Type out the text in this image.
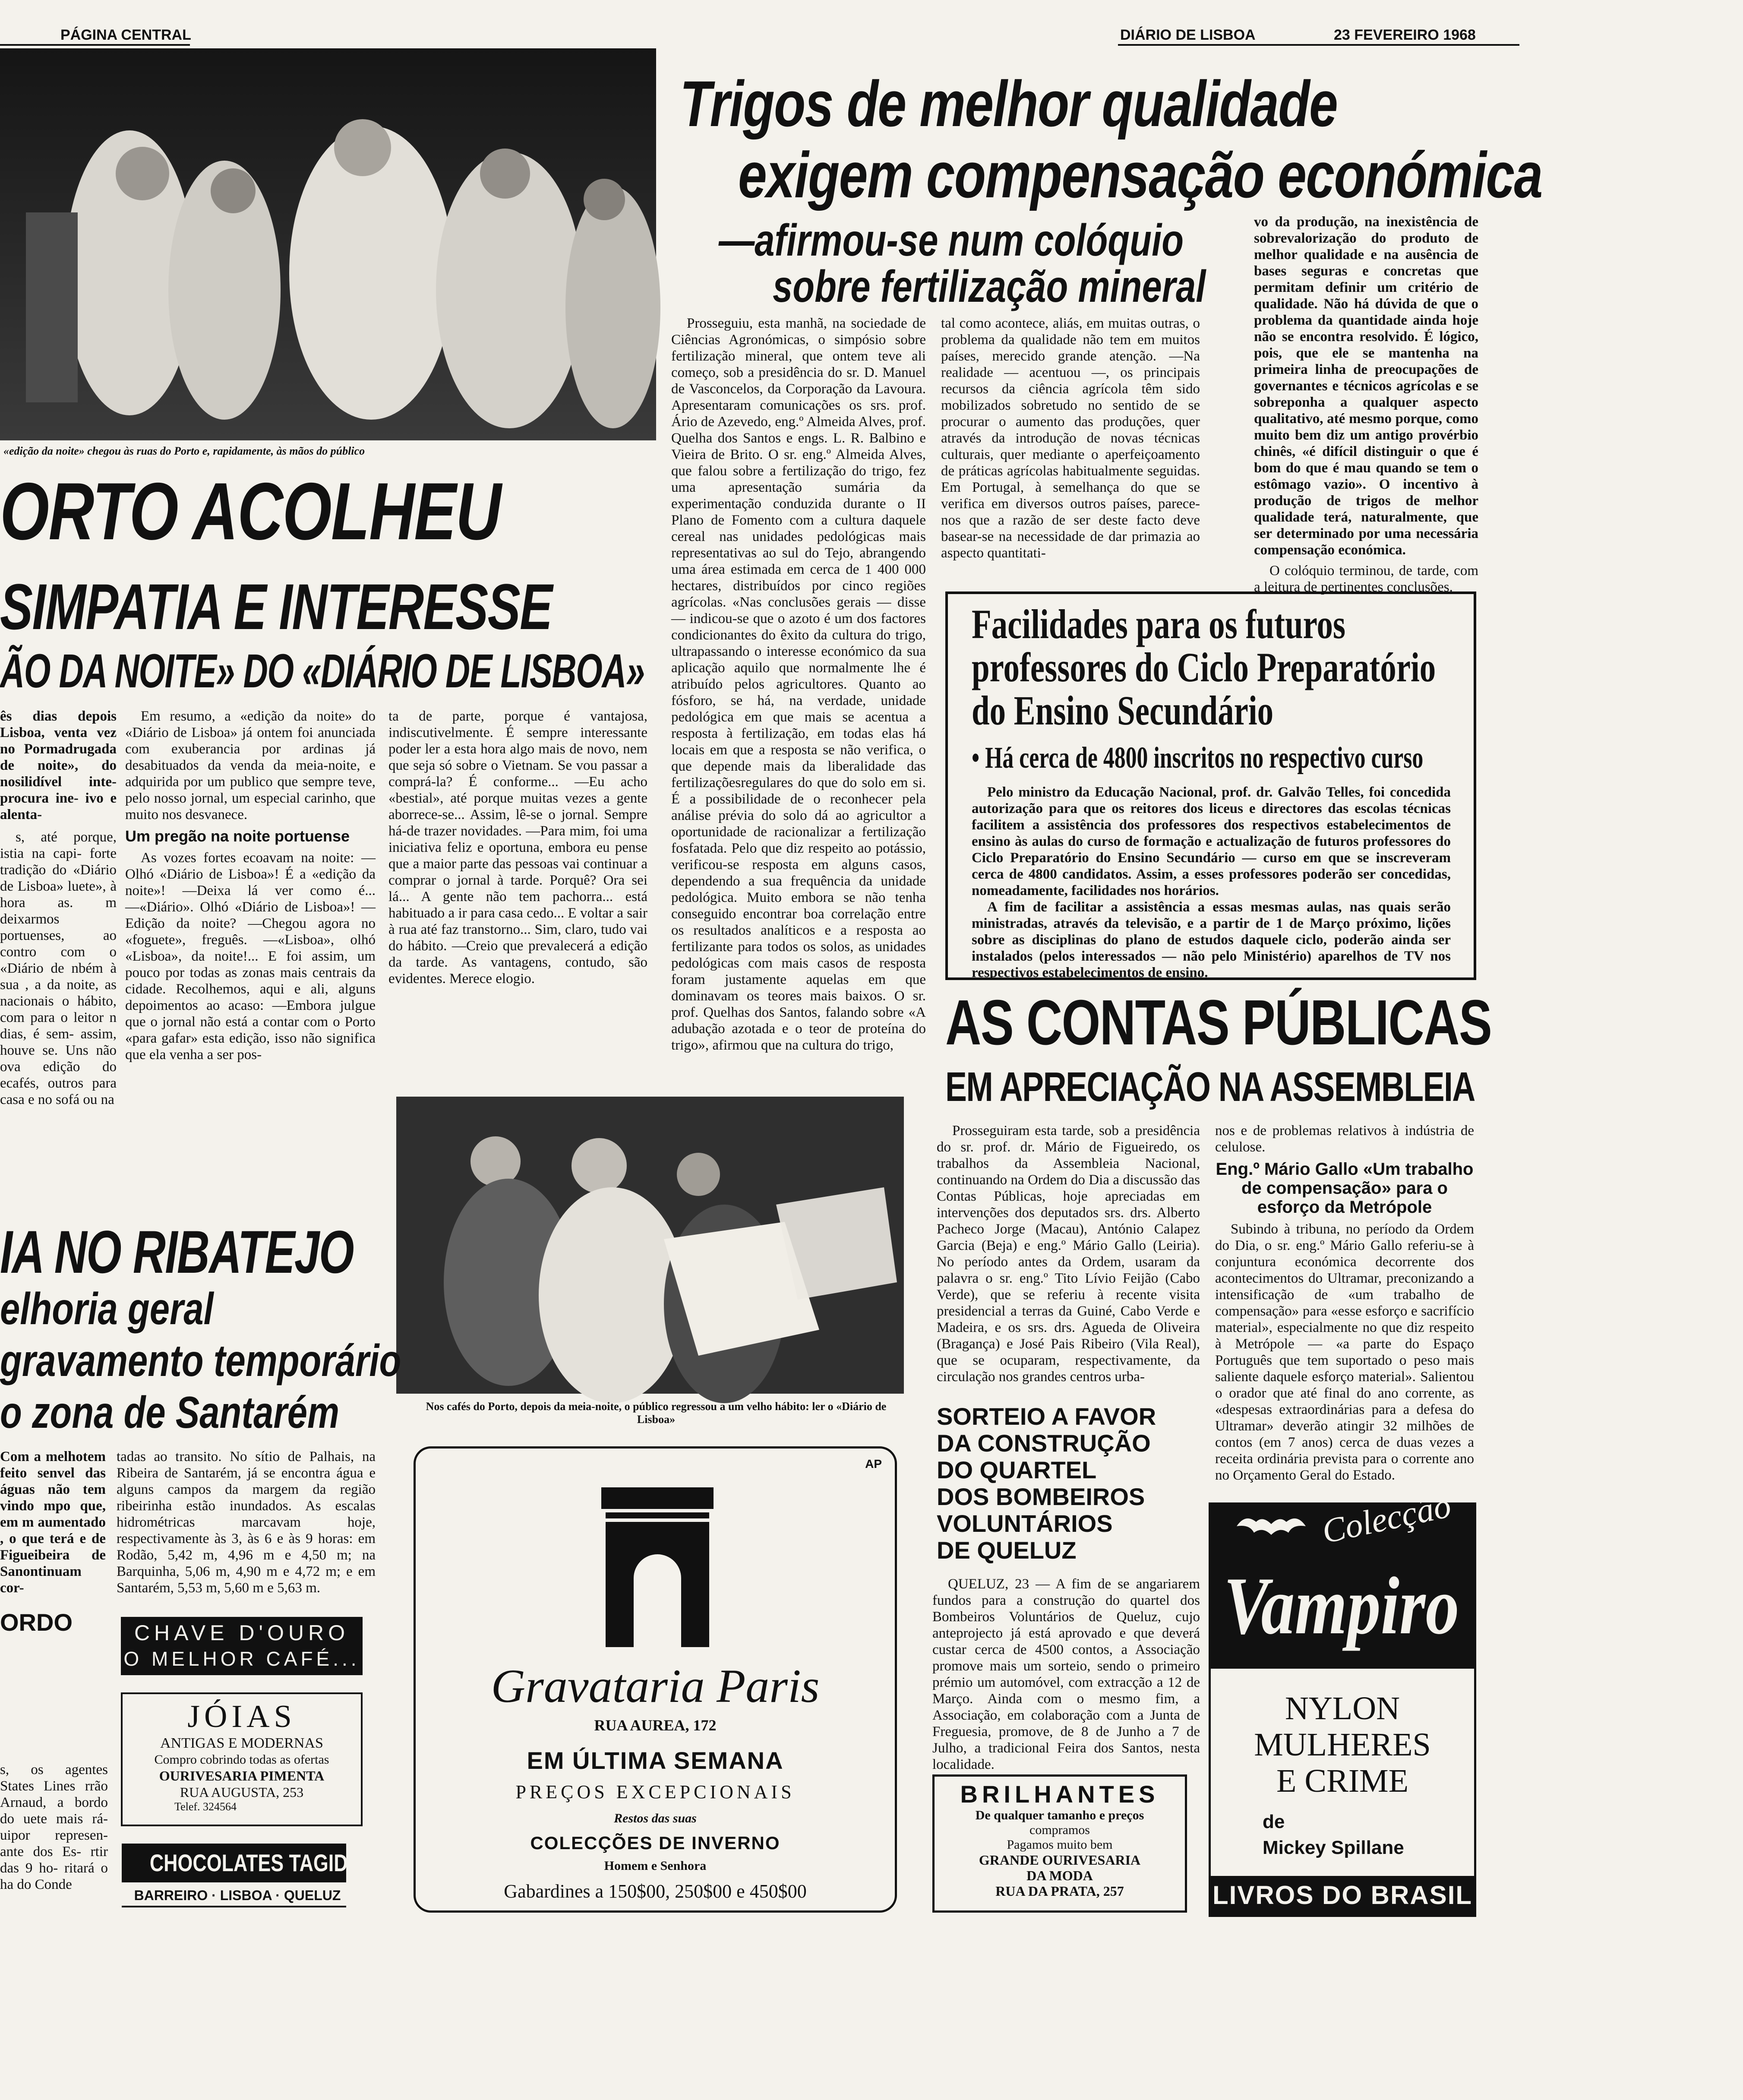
PÁGINA CENTRAL	DIÁRIO DE LISBOA	23 FEVEREIRO 1968
«edição da noite» chegou às ruas do Porto e, rapidamente, às mãos do público
ORTO ACOLHEU
SIMPATIA E INTERESSE
ÃO DA NOITE» DO «DIÁRIO DE LISBOA»

ês dias depois Lisboa, venta vez no Pormadrugada de noite», do nosilidível inte- procura ine- ivo e alenta-

s, até porque, istia na capi- forte tradição do «Diário de Lisboa» luete», à hora as. m deixarmos portuenses, ao contro com o «Diário de nbém à sua , a da noite, as nacionais o hábito, com para o leitor n dias, é sem- assim, houve se. Uns não ova edição do ecafés, outros para casa e no sofá ou na

Em resumo, a «edição da noite» do «Diário de Lisboa» já ontem foi anunciada com exuberancia por ardinas já desabituados da venda da meia-noite, e adquirida por um publico que sempre teve, pelo nosso jornal, um especial carinho, que muito nos desvanece.

Um pregão na noite portuense

As vozes fortes ecoavam na noite: —Olhó «Diário de Lisboa»! É a «edição da noite»! —Deixa lá ver como é... —«Diário». Olhó «Diário de Lisboa»! — Edição da noite? —Chegou agora no «foguete», freguês. —«Lisboa», olhó «Lisboa», da noite!... E foi assim, um pouco por todas as zonas mais centrais da cidade. Recolhemos, aqui e ali, alguns depoimentos ao acaso: —Embora julgue que o jornal não está a contar com o Porto «para gafar» esta edição, isso não significa que ela venha a ser pos-

ta de parte, porque é vantajosa, indiscutivelmente. É sempre interessante poder ler a esta hora algo mais de novo, nem que seja só sobre o Vietnam. Se vou passar a comprá-la? É conforme... —Eu acho «bestial», até porque muitas vezes a gente aborrece-se... Assim, lê-se o jornal. Sempre há-de trazer novidades. —Para mim, foi uma iniciativa feliz e oportuna, embora eu pense que a maior parte das pessoas vai continuar a comprar o jornal à tarde. Porquê? Ora sei lá... A gente não tem pachorra... está habituado a ir para casa cedo... E voltar a sair à rua até faz transtorno... Sim, claro, tudo vai do hábito. —Creio que prevalecerá a edição da tarde. As vantagens, contudo, são evidentes. Merece elogio.

Nos cafés do Porto, depois da meia-noite, o público regressou a um velho hábito: ler o «Diário de Lisboa»
IA NO RIBATEJO
elhoria geral
gravamento temporário
o zona de Santarém

Com a melhotem feito senvel das águas não tem vindo mpo que, em m aumentado , o que terá e de Figueibeira de Sanontinuam cor-

tadas ao transito. No sítio de Palhais, na Ribeira de Santarém, já se encontra água e alguns campos da margem da região ribeirinha estão inundados. As escalas hidrométricas marcavam hoje, respectivamente às 3, às 6 e às 9 horas: em Rodão, 5,42 m, 4,96 m e 4,50 m; na Barquinha, 5,06 m, 4,90 m e 4,72 m; e em Santarém, 5,53 m, 5,60 m e 5,63 m.

ORDO

s, os agentes States Lines rrão Arnaud, a bordo do uete mais rá- uipor represen- ante dos Es- rtir das 9 ho- ritará o ha do Conde

CHAVE D'OURO
O MELHOR CAFÉ...
JÓIAS
ANTIGAS E MODERNAS
Compro cobrindo todas as ofertas
OURIVESARIA PIMENTA
RUA AUGUSTA, 253
Telef. 324564
CHOCOLATES TAGIDES
BARREIRO · LISBOA · QUELUZ
AP
Gravataria Paris
RUA AUREA, 172
EM ÚLTIMA SEMANA
PREÇOS EXCEPCIONAIS
Restos das suas
COLECÇÕES DE INVERNO
Homem e Senhora
Gabardines a 150$00, 250$00 e 450$00
Trigos de melhor qualidade
exigem compensação económica
—afirmou-se num colóquio
sobre fertilização mineral

Prosseguiu, esta manhã, na sociedade de Ciências Agronómicas, o simpósio sobre fertilização mineral, que ontem teve ali começo, sob a presidência do sr. D. Manuel de Vasconcelos, da Corporação da Lavoura. Apresentaram comunicações os srs. prof. Ário de Azevedo, eng.º Almeida Alves, prof. Quelha dos Santos e engs. L. R. Balbino e Vieira de Brito. O sr. eng.º Almeida Alves, que falou sobre a fertilização do trigo, fez uma apresentação sumária da experimentação conduzida durante o II Plano de Fomento com a cultura daquele cereal nas unidades pedológicas mais representativas ao sul do Tejo, abrangendo uma área estimada em cerca de 1 400 000 hectares, distribuídos por cinco regiões agrícolas. «Nas conclusões gerais — disse — indicou-se que o azoto é um dos factores condicionantes do êxito da cultura do trigo, ultrapassando o interesse económico da sua aplicação aquilo que normalmente lhe é atribuído pelos agricultores. Quanto ao fósforo, se há, na verdade, unidade pedológica em que mais se acentua a resposta à fertilização, em todas elas há locais em que a resposta se não verifica, o que depende mais da liberalidade das fertilizaçõesregulares do que do solo em si. É a possibilidade de o reconhecer pela análise prévia do solo dá ao agricultor a oportunidade de racionalizar a fertilização fosfatada. Pelo que diz respeito ao potássio, verificou-se resposta em alguns casos, dependendo a sua frequência da unidade pedológica. Muito embora se não tenha conseguido encontrar boa correlação entre os resultados analíticos e a resposta ao fertilizante para todos os solos, as unidades pedológicas com mais casos de resposta foram justamente aquelas em que dominavam os teores mais baixos. O sr. prof. Quelhas dos Santos, falando sobre «A adubação azotada e o teor de proteína do trigo», afirmou que na cultura do trigo,

tal como acontece, aliás, em muitas outras, o problema da qualidade não tem em muitos países, merecido grande atenção. —Na realidade — acentuou —, os principais recursos da ciência agrícola têm sido mobilizados sobretudo no sentido de se procurar o aumento das produções, quer através da introdução de novas técnicas culturais, quer mediante o aperfeiçoamento de práticas agrícolas habitualmente seguidas. Em Portugal, à semelhança do que se verifica em diversos outros países, parece-nos que a razão de ser deste facto deve basear-se na necessidade de dar primazia ao aspecto quantitati-

vo da produção, na inexistência de sobrevalorização do produto de melhor qualidade e na ausência de bases seguras e concretas que permitam definir um critério de qualidade. Não há dúvida de que o problema da quantidade ainda hoje não se encontra resolvido. É lógico, pois, que ele se mantenha na primeira linha de preocupações de governantes e técnicos agrícolas e se sobreponha a qualquer aspecto qualitativo, até mesmo porque, como muito bem diz um antigo provérbio chinês, «é difícil distinguir o que é bom do que é mau quando se tem o estômago vazio». O incentivo à produção de trigos de melhor qualidade terá, naturalmente, que ser determinado por uma necessária compensação económica.

O colóquio terminou, de tarde, com a leitura de pertinentes conclusões.

Facilidades para os futuros
professores do Ciclo Preparatório
do Ensino Secundário
• Há cerca de 4800 inscritos no respectivo curso

Pelo ministro da Educação Nacional, prof. dr. Galvão Telles, foi concedida autorização para que os reitores dos liceus e directores das escolas técnicas facilitem a assistência dos professores dos respectivos estabelecimentos de ensino às aulas do curso de formação e actualização de futuros professores do Ciclo Preparatório do Ensino Secundário — curso em que se inscreveram cerca de 4800 candidatos. Assim, a esses professores poderão ser concedidas, nomeadamente, facilidades nos horários.

A fim de facilitar a assistência a essas mesmas aulas, nas quais serão ministradas, através da televisão, e a partir de 1 de Março próximo, lições sobre as disciplinas do plano de estudos daquele ciclo, poderão ainda ser instalados (pelos interessados — não pelo Ministério) aparelhos de TV nos respectivos estabelecimentos de ensino.

AS CONTAS PÚBLICAS
EM APRECIAÇÃO NA ASSEMBLEIA

Prosseguiram esta tarde, sob a presidência do sr. prof. dr. Mário de Figueiredo, os trabalhos da Assembleia Nacional, continuando na Ordem do Dia a discussão das Contas Públicas, hoje apreciadas em intervenções dos deputados srs. drs. Alberto Pacheco Jorge (Macau), António Calapez Garcia (Beja) e eng.º Mário Gallo (Leiria). No período antes da Ordem, usaram da palavra o sr. eng.º Tito Lívio Feijão (Cabo Verde), que se referiu à recente visita presidencial a terras da Guiné, Cabo Verde e Madeira, e os srs. drs. Agueda de Oliveira (Bragança) e José Pais Ribeiro (Vila Real), que se ocuparam, respectivamente, da circulação nos grandes centros urba-

nos e de problemas relativos à indústria de celulose.

Eng.º Mário Gallo «Um trabalho de compensação» para o esforço da Metrópole

Subindo à tribuna, no período da Ordem do Dia, o sr. eng.º Mário Gallo referiu-se à conjuntura económica decorrente dos acontecimentos do Ultramar, preconizando a intensificação de «um trabalho de compensação» para «esse esforço e sacrifício material», especialmente no que diz respeito à Metrópole — «a parte do Espaço Português que tem suportado o peso mais saliente daquele esforço material». Salientou o orador que até final do ano corrente, as «despesas extraordinárias para a defesa do Ultramar» deverão atingir 32 milhões de contos (em 7 anos) cerca de duas vezes a receita ordinária prevista para o corrente ano no Orçamento Geral do Estado.

SORTEIO A FAVOR
DA CONSTRUÇÃO
DO QUARTEL
DOS BOMBEIROS
VOLUNTÁRIOS
DE QUELUZ

QUELUZ, 23 — A fim de se angariarem fundos para a construção do quartel dos Bombeiros Voluntários de Queluz, cujo anteprojecto já está aprovado e que deverá custar cerca de 4500 contos, a Associação promove mais um sorteio, sendo o primeiro prémio um automóvel, com extracção a 12 de Março. Ainda com o mesmo fim, a Associação, em colaboração com a Junta de Freguesia, promove, de 8 de Junho a 7 de Julho, a tradicional Feira dos Santos, nesta localidade.

BRILHANTES
De qualquer tamanho e preços
compramos
Pagamos muito bem
GRANDE OURIVESARIA
DA MODA
RUA DA PRATA, 257
Colecção
Vampiro
NYLON
MULHERES
E CRIME
de
Mickey Spillane
LIVROS DO BRASIL
